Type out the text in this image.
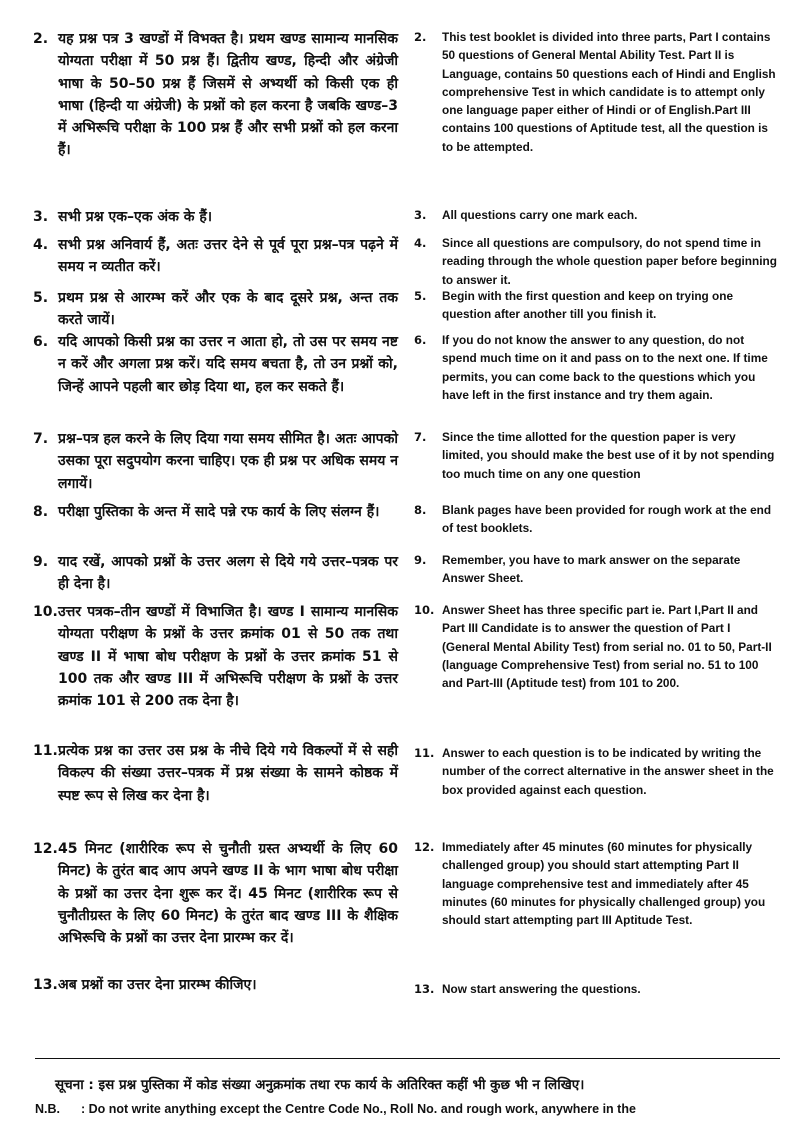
2. यह प्रश्न पत्र 3 खण्डों में विभक्त है। प्रथम खण्ड सामान्य मानसिक योग्यता परीक्षा में 50 प्रश्न हैं। द्वितीय खण्ड, हिन्दी और अंग्रेजी भाषा के 50–50 प्रश्न हैं जिसमें से अभ्यर्थी को किसी एक ही भाषा (हिन्दी या अंग्रेजी) के प्रश्नों को हल करना है जबकि खण्ड–3 में अभिरूचि परीक्षा के 100 प्रश्न हैं और सभी प्रश्नों को हल करना हैं।
2. This test booklet is divided into three parts, Part I contains 50 questions of General Mental Ability Test. Part II is Language, contains 50 questions each of Hindi and English comprehensive Test in which candidate is to attempt only one language paper either of Hindi or of English.Part III contains 100 questions of Aptitude test, all the question is to be attempted.
3. सभी प्रश्न एक–एक अंक के हैं।	3. All questions carry one mark each.
4. सभी प्रश्न अनिवार्य हैं, अतः उत्तर देने से पूर्व पूरा प्रश्न–पत्र पढ़ने में समय न व्यतीत करें।
4. Since all questions are compulsory, do not spend time in reading through the whole question paper before beginning to answer it.
5. प्रथम प्रश्न से आरम्भ करें और एक के बाद दूसरे प्रश्न, अन्त तक करते जायें।
5. Begin with the first question and keep on trying one question after another till you finish it.
6. यदि आपको किसी प्रश्न का उत्तर न आता हो, तो उस पर समय नष्ट न करें और अगला प्रश्न करें। यदि समय बचता है, तो उन प्रश्नों को, जिन्हें आपने पहली बार छोड़ दिया था, हल कर सकते हैं।
6. If you do not know the answer to any question, do not spend much time on it and pass on to the next one. If time permits, you can come back to the questions which you have left in the first instance and try them again.
7. प्रश्न–पत्र हल करने के लिए दिया गया समय सीमित है। अतः आपको उसका पूरा सदुपयोग करना चाहिए। एक ही प्रश्न पर अधिक समय न लगायें।
7. Since the time allotted for the question paper is very limited, you should make the best use of it by not spending too much time on any one question
8. परीक्षा पुस्तिका के अन्त में सादे पन्ने रफ कार्य के लिए संलग्न हैं।	8. Blank pages have been provided for rough work at the end of test booklets.
9. याद रखें, आपको प्रश्नों के उत्तर अलग से दिये गये उत्तर–पत्रक पर ही देना है।
9. Remember, you have to mark answer on the separate Answer Sheet.
10. उत्तर पत्रक–तीन खण्डों में विभाजित है। खण्ड I सामान्य मानसिक योग्यता परीक्षण के प्रश्नों के उत्तर क्रमांक 01 से 50 तक तथा खण्ड II में भाषा बोध परीक्षण के प्रश्नों के उत्तर क्रमांक 51 से 100 तक और खण्ड III में अभिरूचि परीक्षण के प्रश्नों के उत्तर क्रमांक 101 से 200 तक देना है।
10. Answer Sheet has three specific part ie. Part I,Part II and Part III Candidate is to answer the question of Part I (General Mental Ability Test) from serial no. 01 to 50, Part-II (language Comprehensive Test) from serial no. 51 to 100 and Part-III (Aptitude test) from 101 to 200.
11. प्रत्येक प्रश्न का उत्तर उस प्रश्न के नीचे दिये गये विकल्पों में से सही विकल्प की संख्या उत्तर–पत्रक में प्रश्न संख्या के सामने कोष्ठक में स्पष्ट रूप से लिख कर देना है।
11. Answer to each question is to be indicated by writing the number of the correct alternative in the answer sheet in the box provided against each question.
12. 45 मिनट (शारीरिक रूप से चुनौती ग्रस्त अभ्यर्थी के लिए 60 मिनट) के तुरंत बाद आप अपने खण्ड II के भाग भाषा बोध परीक्षा के प्रश्नों का उत्तर देना शुरू कर दें। 45 मिनट (शारीरिक रूप से चुनौतीग्रस्त के लिए 60 मिनट) के तुरंत बाद खण्ड III के शैक्षिक अभिरूचि के प्रश्नों का उत्तर देना प्रारम्भ कर दें।
12. Immediately after 45 minutes (60 minutes for physically challenged group) you should start attempting Part II language comprehensive test and immediately after 45 minutes (60 minutes for physically challenged group) you should start attempting part III Aptitude Test.
13. अब प्रश्नों का उत्तर देना प्रारम्भ कीजिए।	13. Now start answering the questions.
सूचना : इस प्रश्न पुस्तिका में कोड संख्या अनुक्रमांक तथा रफ कार्य के अतिरिक्त कहीं भी कुछ भी न लिखिए।
N.B. : Do not write anything except the Centre Code No., Roll No. and rough work, anywhere in the
